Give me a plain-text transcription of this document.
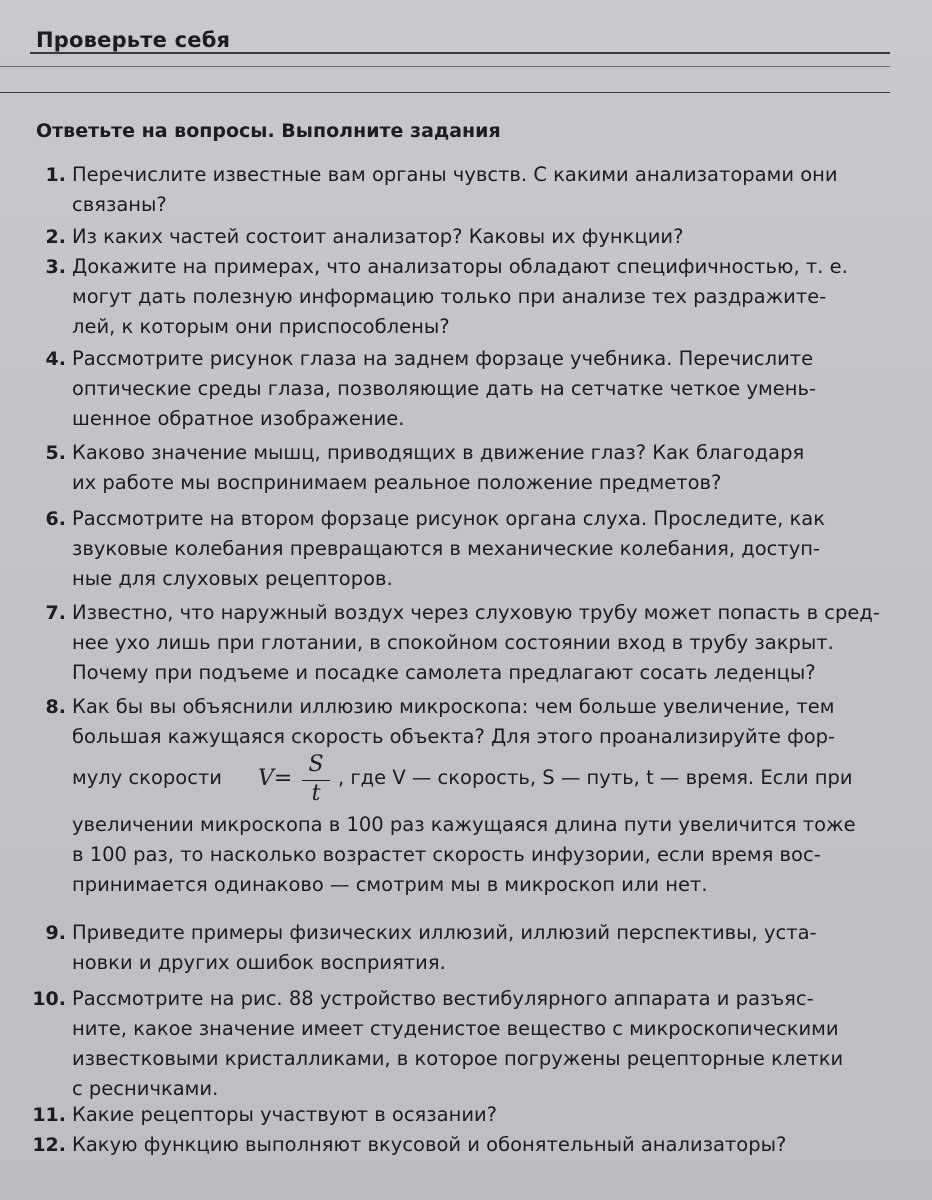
Проверьте себя
Ответьте на вопросы. Выполните задания
1. Перечислите известные вам органы чувств. С какими анализаторами они
связаны?
2. Из каких частей состоит анализатор? Каковы их функции?
3. Докажите на примерах, что анализаторы обладают специфичностью, т. е.
могут дать полезную информацию только при анализе тех раздражите-
лей, к которым они приспособлены?
4. Рассмотрите рисунок глаза на заднем форзаце учебника. Перечислите
оптические среды глаза, позволяющие дать на сетчатке четкое умень-
шенное обратное изображение.
5. Каково значение мышц, приводящих в движение глаз? Как благодаря
их работе мы воспринимаем реальное положение предметов?
6. Рассмотрите на втором форзаце рисунок органа слуха. Проследите, как
звуковые колебания превращаются в механические колебания, доступ-
ные для слуховых рецепторов.
7. Известно, что наружный воздух через слуховую трубу может попасть в сред-
нее ухо лишь при глотании, в спокойном состоянии вход в трубу закрыт.
Почему при подъеме и посадке самолета предлагают сосать леденцы?
8. Как бы вы объяснили иллюзию микроскопа: чем больше увеличение, тем
большая кажущаяся скорость объекта? Для этого проанализируйте фор-
мулу скорости V=
S
t
, где V — скорость, S — путь, t — время. Если при
увеличении микроскопа в 100 раз кажущаяся длина пути увеличится тоже
в 100 раз, то насколько возрастет скорость инфузории, если время вос-
принимается одинаково — смотрим мы в микроскоп или нет.
9. Приведите примеры физических иллюзий, иллюзий перспективы, уста-
новки и других ошибок восприятия.
10. Рассмотрите на рис. 88 устройство вестибулярного аппарата и разъяс-
ните, какое значение имеет студенистое вещество с микроскопическими
известковыми кристалликами, в которое погружены рецепторные клетки
с ресничками.
11. Какие рецепторы участвуют в осязании?
12. Какую функцию выполняют вкусовой и обонятельный анализаторы?
